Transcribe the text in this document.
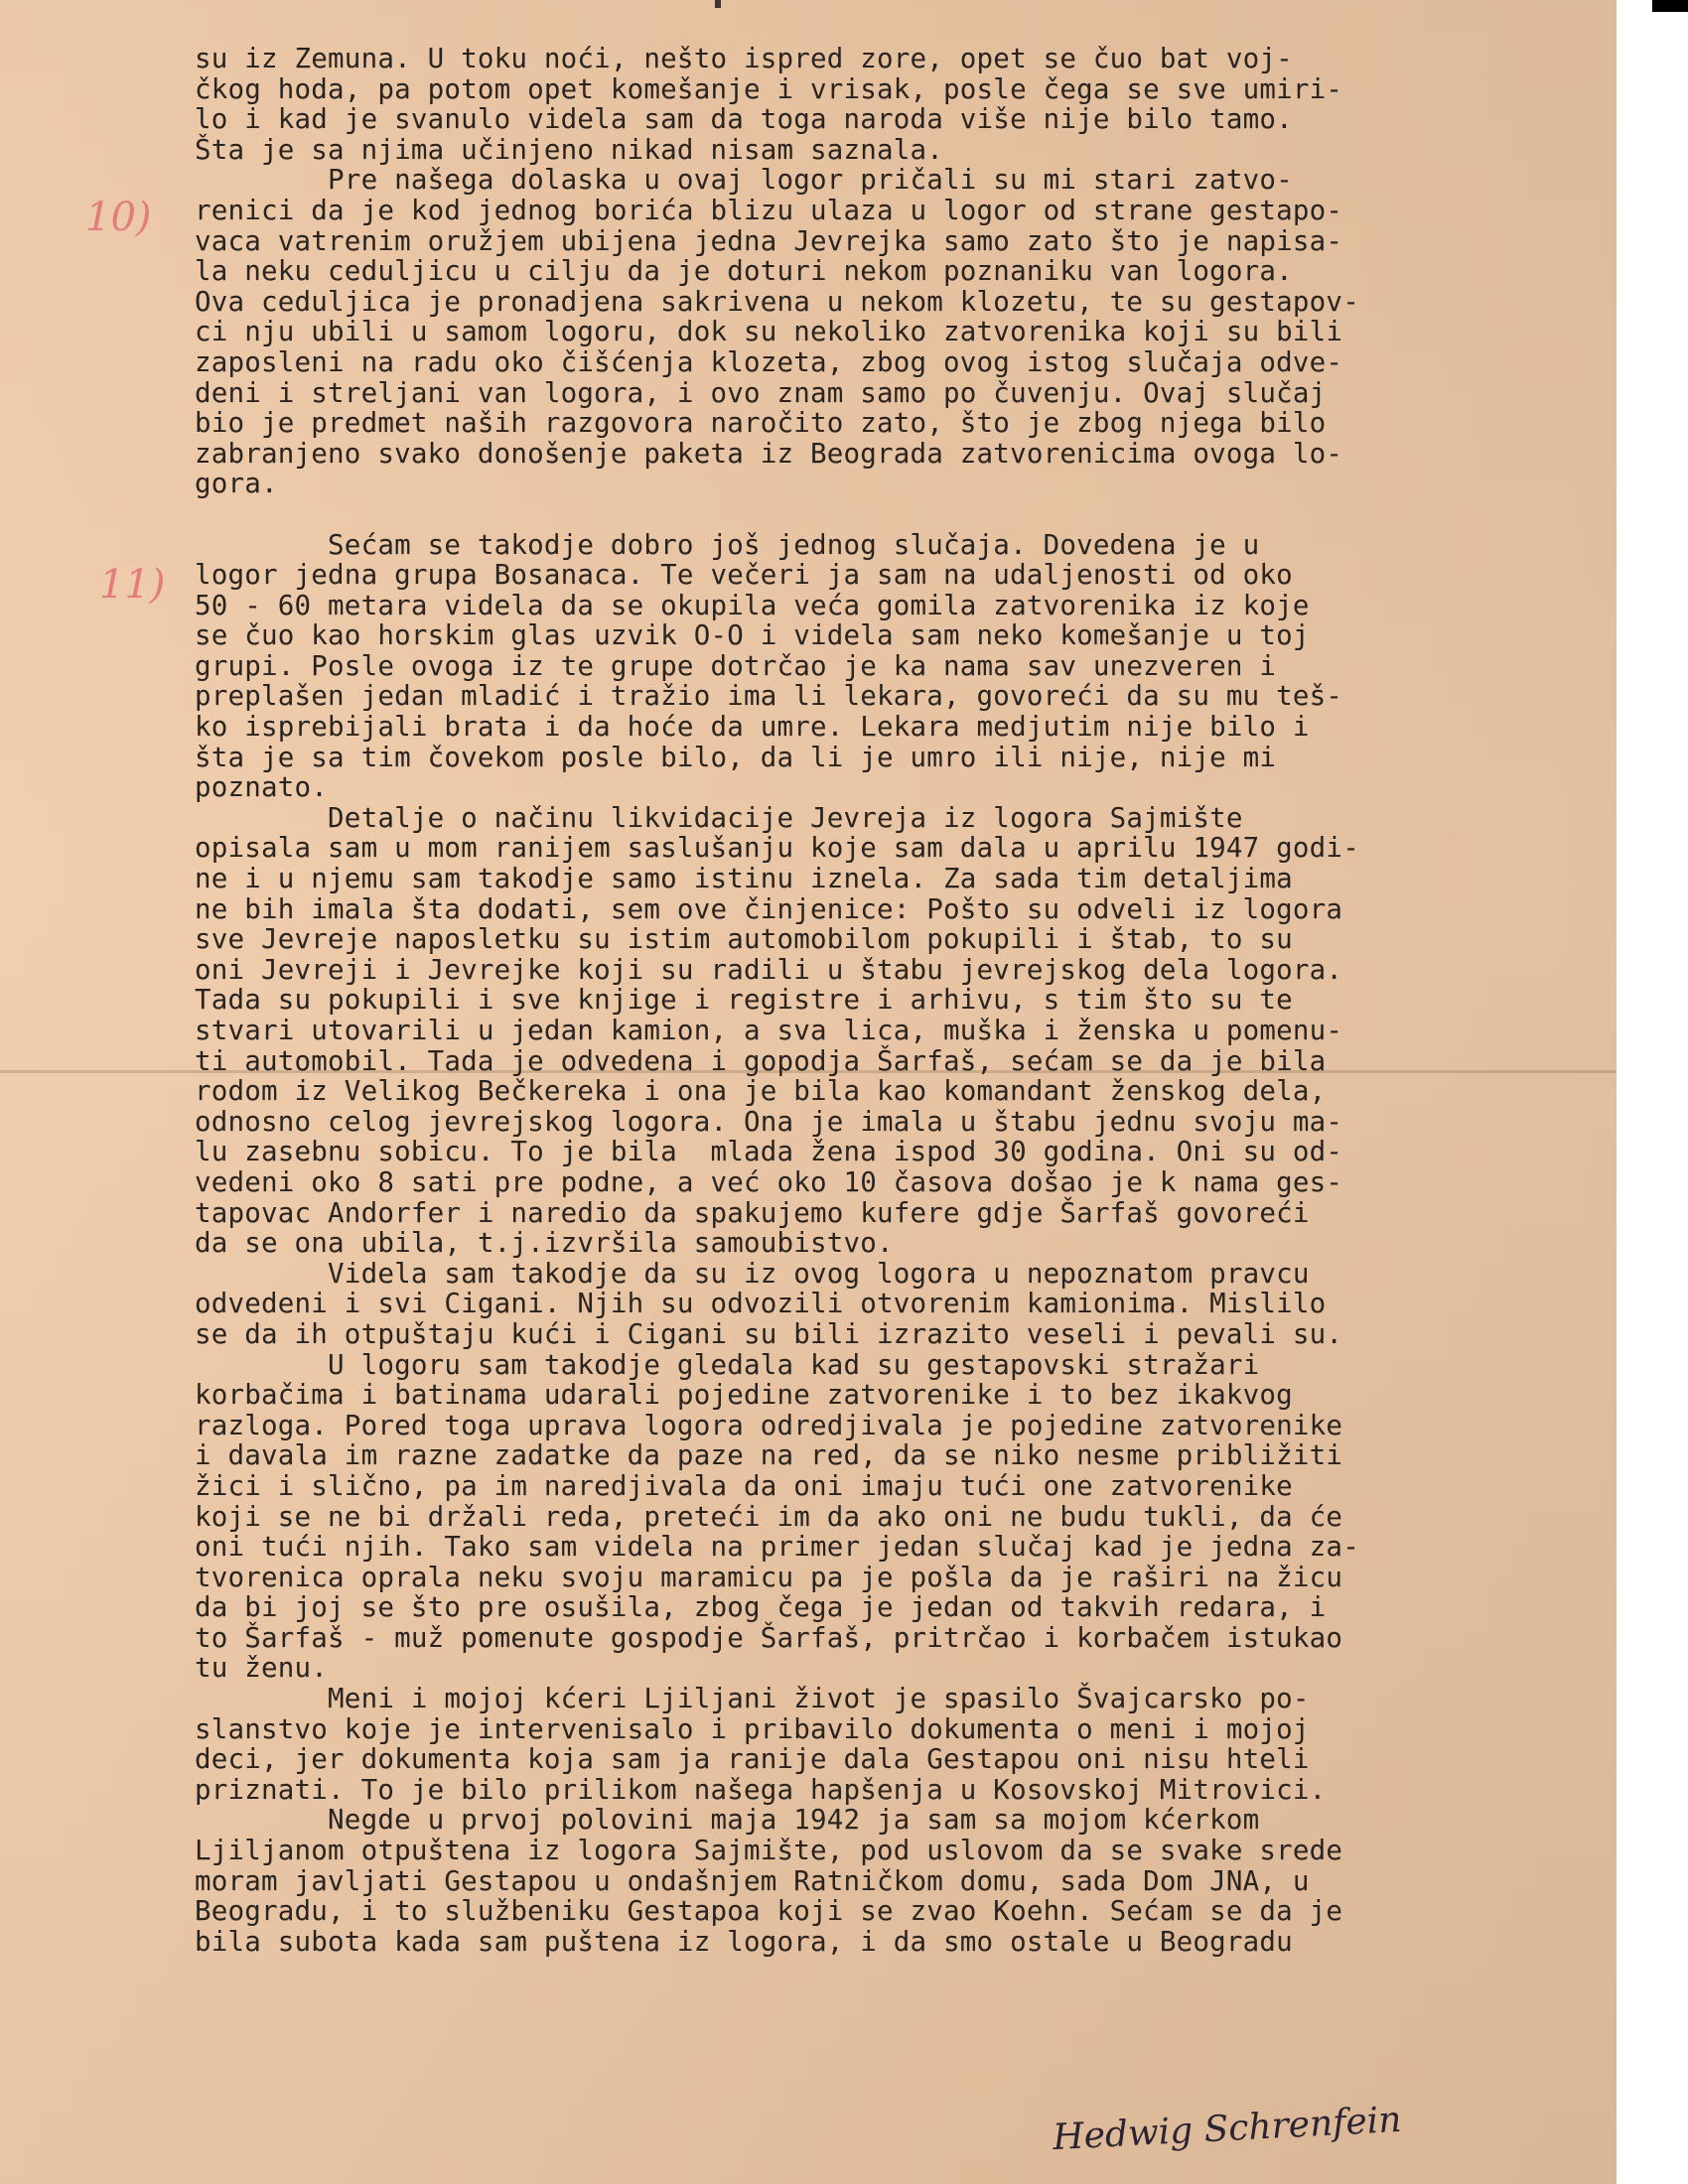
10)
11)
su iz Zemuna. U toku noći, nešto ispred zore, opet se čuo bat voj-
čkog hoda, pa potom opet komešanje i vrisak, posle čega se sve umiri-
lo i kad je svanulo videla sam da toga naroda više nije bilo tamo.
Šta je sa njima učinjeno nikad nisam saznala.
Pre našega dolaska u ovaj logor pričali su mi stari zatvo-
renici da je kod jednog borića blizu ulaza u logor od strane gestapo-
vaca vatrenim oružjem ubijena jedna Jevrejka samo zato što je napisa-
la neku ceduljicu u cilju da je doturi nekom poznaniku van logora.
Ova ceduljica je pronadjena sakrivena u nekom klozetu, te su gestapov-
ci nju ubili u samom logoru, dok su nekoliko zatvorenika koji su bili
zaposleni na radu oko čišćenja klozeta, zbog ovog istog slučaja odve-
deni i streljani van logora, i ovo znam samo po čuvenju. Ovaj slučaj
bio je predmet naših razgovora naročito zato, što je zbog njega bilo
zabranjeno svako donošenje paketa iz Beograda zatvorenicima ovoga lo-
gora.

Sećam se takodje dobro još jednog slučaja. Dovedena je u
logor jedna grupa Bosanaca. Te večeri ja sam na udaljenosti od oko
50 - 60 metara videla da se okupila veća gomila zatvorenika iz koje
se čuo kao horskim glas uzvik O-O i videla sam neko komešanje u toj
grupi. Posle ovoga iz te grupe dotrčao je ka nama sav unezveren i
preplašen jedan mladić i tražio ima li lekara, govoreći da su mu teš-
ko isprebijali brata i da hoće da umre. Lekara medjutim nije bilo i
šta je sa tim čovekom posle bilo, da li je umro ili nije, nije mi
poznato.
Detalje o načinu likvidacije Jevreja iz logora Sajmište
opisala sam u mom ranijem saslušanju koje sam dala u aprilu 1947 godi-
ne i u njemu sam takodje samo istinu iznela. Za sada tim detaljima
ne bih imala šta dodati, sem ove činjenice: Pošto su odveli iz logora
sve Jevreje naposletku su istim automobilom pokupili i štab, to su
oni Jevreji i Jevrejke koji su radili u štabu jevrejskog dela logora.
Tada su pokupili i sve knjige i registre i arhivu, s tim što su te
stvari utovarili u jedan kamion, a sva lica, muška i ženska u pomenu-
ti automobil. Tada je odvedena i gopodja Šarfaš, sećam se da je bila
rodom iz Velikog Bečkereka i ona je bila kao komandant ženskog dela,
odnosno celog jevrejskog logora. Ona je imala u štabu jednu svoju ma-
lu zasebnu sobicu. To je bila  mlada žena ispod 30 godina. Oni su od-
vedeni oko 8 sati pre podne, a već oko 10 časova došao je k nama ges-
tapovac Andorfer i naredio da spakujemo kufere gdje Šarfaš govoreći
da se ona ubila, t.j.izvršila samoubistvo.
Videla sam takodje da su iz ovog logora u nepoznatom pravcu
odvedeni i svi Cigani. Njih su odvozili otvorenim kamionima. Mislilo
se da ih otpuštaju kući i Cigani su bili izrazito veseli i pevali su.
U logoru sam takodje gledala kad su gestapovski stražari
korbačima i batinama udarali pojedine zatvorenike i to bez ikakvog
razloga. Pored toga uprava logora odredjivala je pojedine zatvorenike
i davala im razne zadatke da paze na red, da se niko nesme približiti
žici i slično, pa im naredjivala da oni imaju tući one zatvorenike
koji se ne bi držali reda, preteći im da ako oni ne budu tukli, da će
oni tući njih. Tako sam videla na primer jedan slučaj kad je jedna za-
tvorenica oprala neku svoju maramicu pa je pošla da je raširi na žicu
da bi joj se što pre osušila, zbog čega je jedan od takvih redara, i
to Šarfaš - muž pomenute gospodje Šarfaš, pritrčao i korbačem istukao
tu ženu.
Meni i mojoj kćeri Ljiljani život je spasilo Švajcarsko po-
slanstvo koje je intervenisalo i pribavilo dokumenta o meni i mojoj
deci, jer dokumenta koja sam ja ranije dala Gestapou oni nisu hteli
priznati. To je bilo prilikom našega hapšenja u Kosovskoj Mitrovici.
Negde u prvoj polovini maja 1942 ja sam sa mojom kćerkom
Ljiljanom otpuštena iz logora Sajmište, pod uslovom da se svake srede
moram javljati Gestapou u ondašnjem Ratničkom domu, sada Dom JNA, u
Beogradu, i to službeniku Gestapoa koji se zvao Koehn. Sećam se da je
bila subota kada sam puštena iz logora, i da smo ostale u Beogradu
Hedwig Schrenfein
